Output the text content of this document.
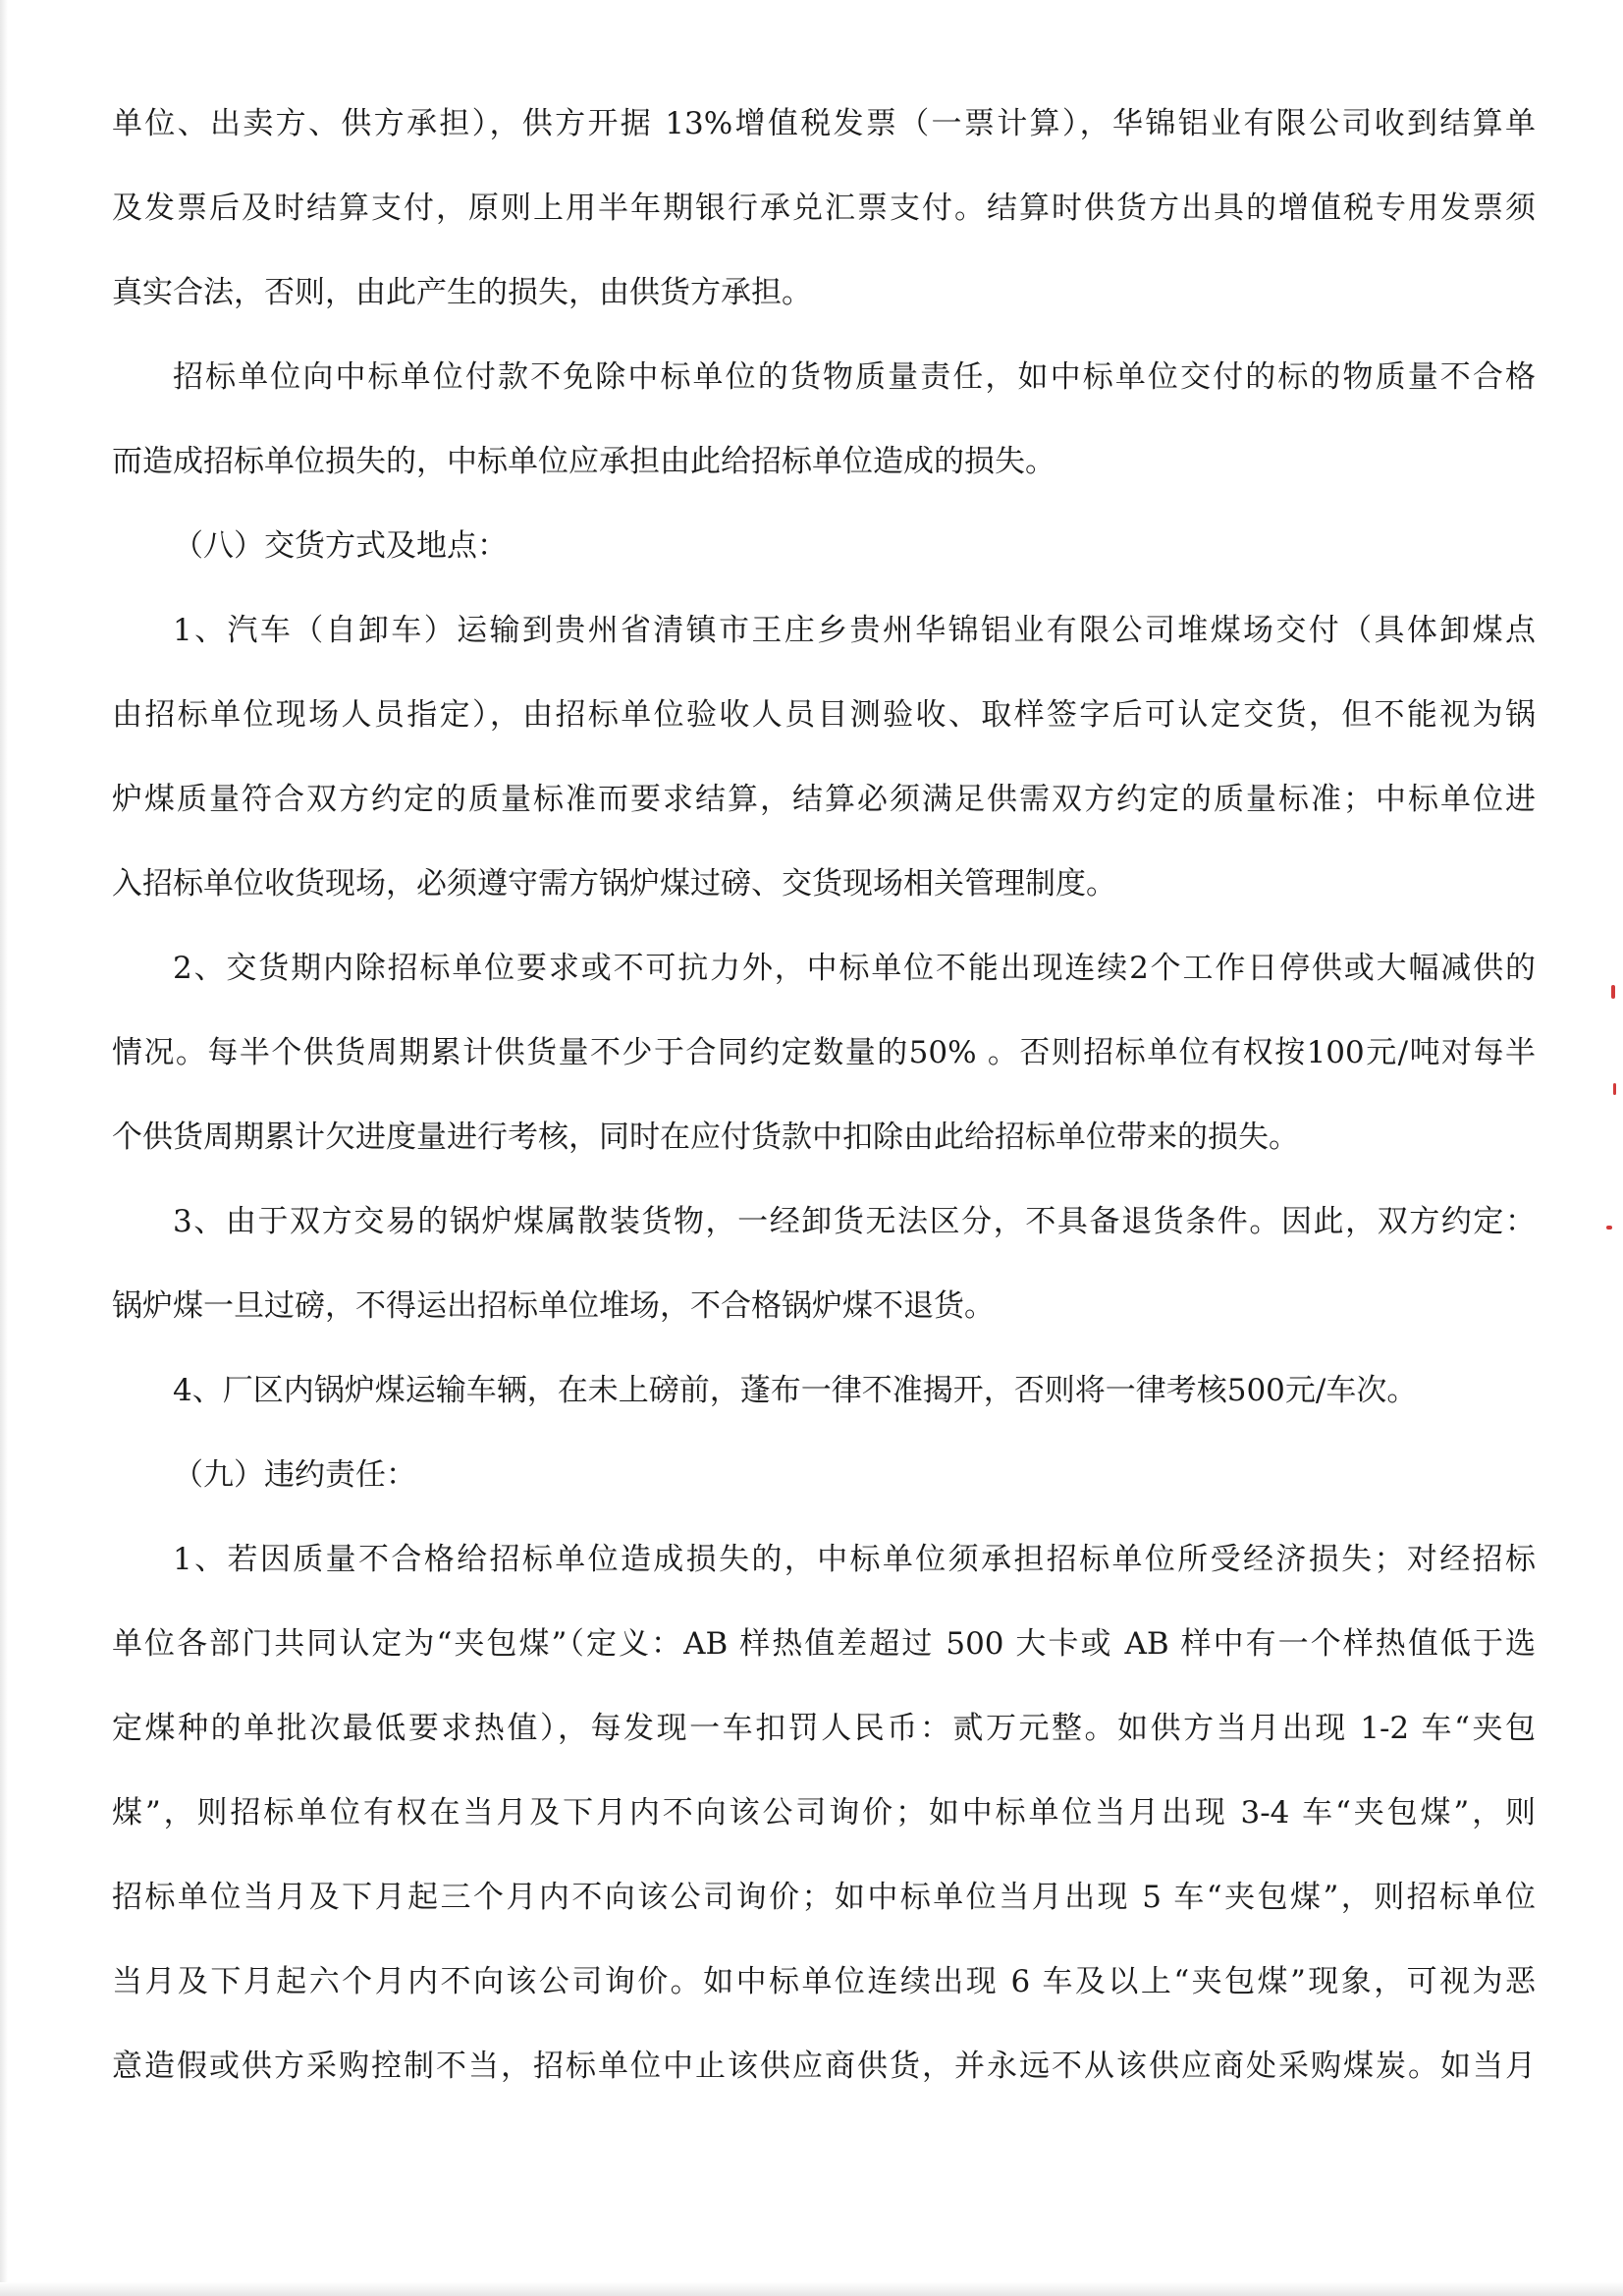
单位、出卖方、供方承担），供方开据 13%增值税发票（一票计算），华锦铝业有限公司收到结算单
及发票后及时结算支付，原则上用半年期银行承兑汇票支付。结算时供货方出具的增值税专用发票须
真实合法，否则，由此产生的损失，由供货方承担。
招标单位向中标单位付款不免除中标单位的货物质量责任，如中标单位交付的标的物质量不合格
而造成招标单位损失的，中标单位应承担由此给招标单位造成的损失。
（八）交货方式及地点：
1、汽车（自卸车）运输到贵州省清镇市王庄乡贵州华锦铝业有限公司堆煤场交付（具体卸煤点
由招标单位现场人员指定），由招标单位验收人员目测验收、取样签字后可认定交货，但不能视为锅
炉煤质量符合双方约定的质量标准而要求结算，结算必须满足供需双方约定的质量标准；中标单位进
入招标单位收货现场，必须遵守需方锅炉煤过磅、交货现场相关管理制度。
2、交货期内除招标单位要求或不可抗力外，中标单位不能出现连续2个工作日停供或大幅减供的
情况。每半个供货周期累计供货量不少于合同约定数量的50% 。否则招标单位有权按100元/吨对每半
个供货周期累计欠进度量进行考核，同时在应付货款中扣除由此给招标单位带来的损失。
3、由于双方交易的锅炉煤属散装货物，一经卸货无法区分，不具备退货条件。因此，双方约定：
锅炉煤一旦过磅，不得运出招标单位堆场，不合格锅炉煤不退货。
4、厂区内锅炉煤运输车辆，在未上磅前，蓬布一律不准揭开，否则将一律考核500元/车次。
（九）违约责任：
1、若因质量不合格给招标单位造成损失的，中标单位须承担招标单位所受经济损失；对经招标
单位各部门共同认定为“夹包煤”（定义：AB 样热值差超过 500 大卡或 AB 样中有一个样热值低于选
定煤种的单批次最低要求热值），每发现一车扣罚人民币：贰万元整。如供方当月出现 1-2 车“夹包
煤”，则招标单位有权在当月及下月内不向该公司询价；如中标单位当月出现 3-4 车“夹包煤”，则
招标单位当月及下月起三个月内不向该公司询价；如中标单位当月出现 5 车“夹包煤”，则招标单位
当月及下月起六个月内不向该公司询价。如中标单位连续出现 6 车及以上“夹包煤”现象，可视为恶
意造假或供方采购控制不当，招标单位中止该供应商供货，并永远不从该供应商处采购煤炭。如当月
